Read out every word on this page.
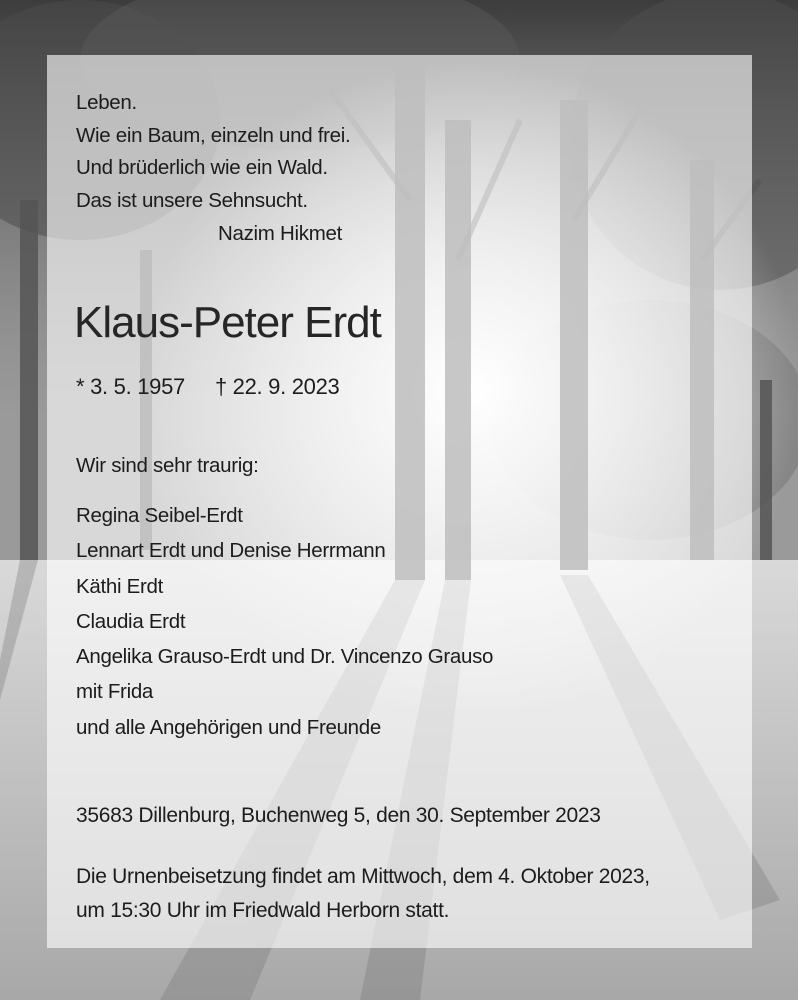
Leben.
Wie ein Baum, einzeln und frei.
Und brüderlich wie ein Wald.
Das ist unsere Sehnsucht.
Nazim Hikmet
Klaus-Peter Erdt
* 3. 5. 1957 † 22. 9. 2023
Wir sind sehr traurig:
Regina Seibel-Erdt
Lennart Erdt und Denise Herrmann
Käthi Erdt
Claudia Erdt
Angelika Grauso-Erdt und Dr. Vincenzo Grauso
mit Frida
und alle Angehörigen und Freunde
35683 Dillenburg, Buchenweg 5, den 30. September 2023
Die Urnenbeisetzung findet am Mittwoch, dem 4. Oktober 2023,
um 15:30 Uhr im Friedwald Herborn statt.
